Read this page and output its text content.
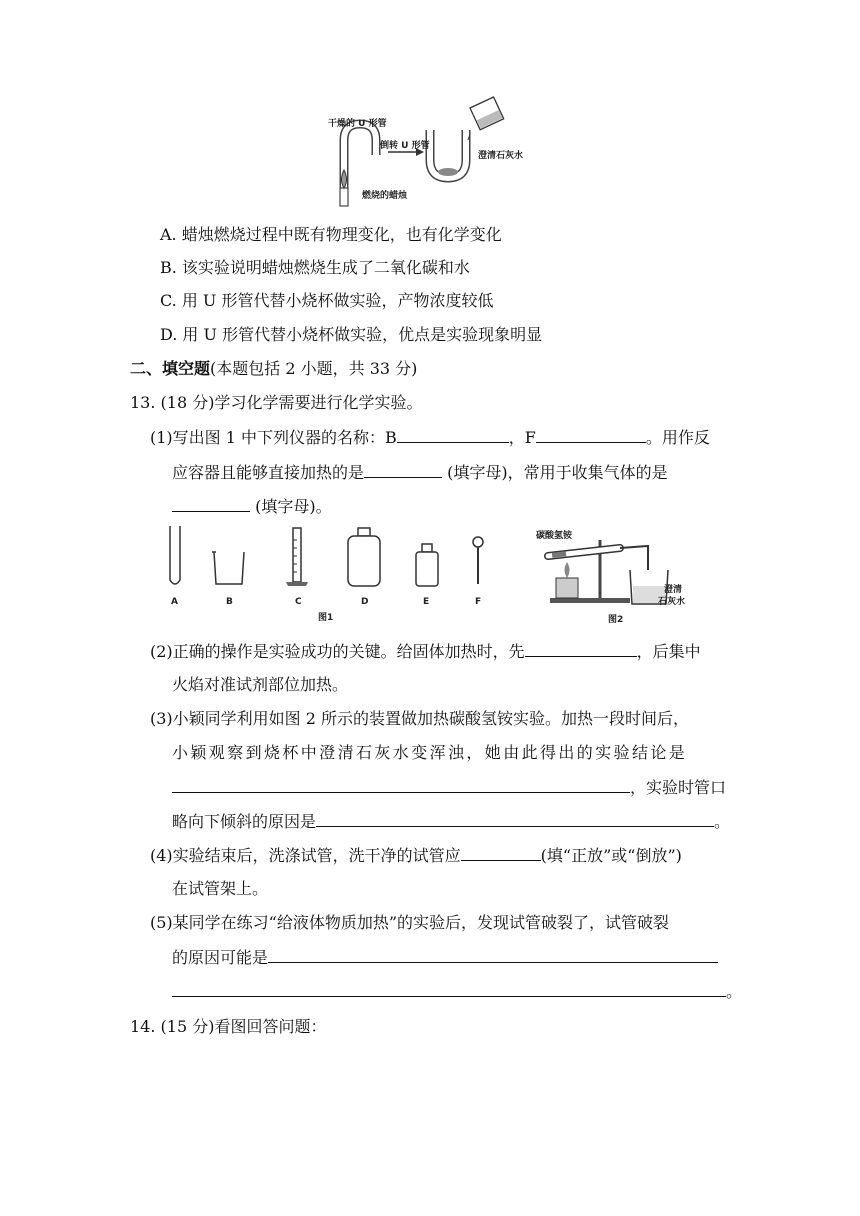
干燥的 U 形管
倒转 U 形管
澄清石灰水
燃烧的蜡烛
A. 蜡烛燃烧过程中既有物理变化，也有化学变化
B. 该实验说明蜡烛燃烧生成了二氧化碳和水
C. 用 U 形管代替小烧杯做实验，产物浓度较低
D. 用 U 形管代替小烧杯做实验，优点是实验现象明显
二、填空题(本题包括 2 小题，共 33 分)
13. (18 分)学习化学需要进行化学实验。
(1)写出图 1 中下列仪器的名称：B	，F	。用作反
应容器且能够直接加热的是	(填字母)，常用于收集气体的是
(填字母)。
A	B	C	D	E	F
图1
碳酸氢铵
澄清
石灰水
图2
(2)正确的操作是实验成功的关键。给固体加热时，先	，后集中
火焰对准试剂部位加热。
(3)小颖同学利用如图 2 所示的装置做加热碳酸氢铵实验。加热一段时间后，
小颖观察到烧杯中澄清石灰水变浑浊，她由此得出的实验结论是
，实验时管口
略向下倾斜的原因是	。
(4)实验结束后，洗涤试管，洗干净的试管应	(填“正放”或“倒放”)
在试管架上。
(5)某同学在练习“给液体物质加热”的实验后，发现试管破裂了，试管破裂
的原因可能是
。
14. (15 分)看图回答问题：
